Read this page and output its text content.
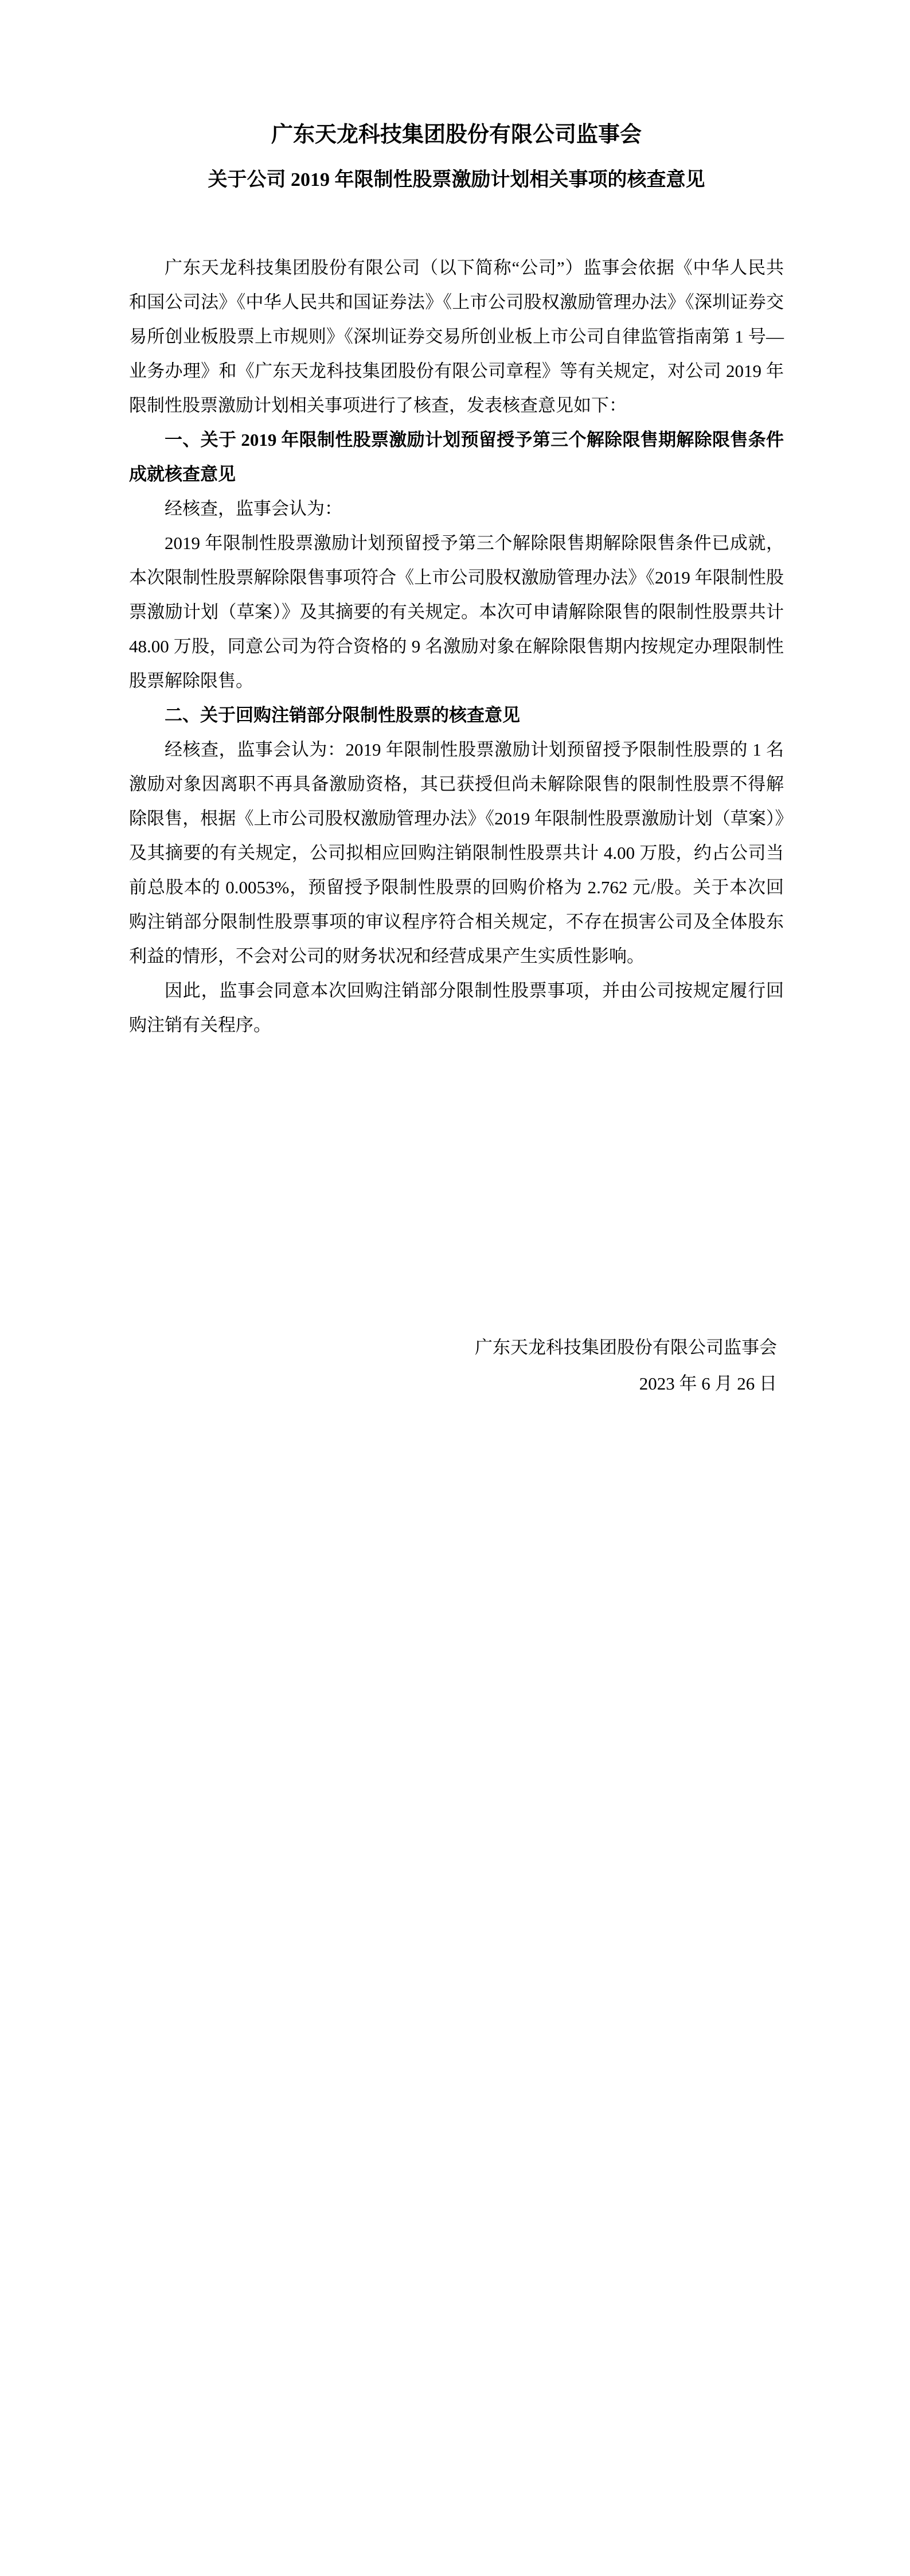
广东天龙科技集团股份有限公司监事会
关于公司 2019 年限制性股票激励计划相关事项的核查意见

广东天龙科技集团股份有限公司（以下简称“公司”）监事会依据《中华人民共和国公司法》《中华人民共和国证券法》《上市公司股权激励管理办法》《深圳证券交易所创业板股票上市规则》《深圳证券交易所创业板上市公司自律监管指南第 1 号—业务办理》和《广东天龙科技集团股份有限公司章程》等有关规定，对公司 2019 年限制性股票激励计划相关事项进行了核查，发表核查意见如下：

一、关于 2019 年限制性股票激励计划预留授予第三个解除限售期解除限售条件成就核查意见

经核查，监事会认为：

2019 年限制性股票激励计划预留授予第三个解除限售期解除限售条件已成就，本次限制性股票解除限售事项符合《上市公司股权激励管理办法》《2019 年限制性股票激励计划（草案）》及其摘要的有关规定。本次可申请解除限售的限制性股票共计 48.00 万股，同意公司为符合资格的 9 名激励对象在解除限售期内按规定办理限制性股票解除限售。

二、关于回购注销部分限制性股票的核查意见

经核查，监事会认为：2019 年限制性股票激励计划预留授予限制性股票的 1 名激励对象因离职不再具备激励资格，其已获授但尚未解除限售的限制性股票不得解除限售，根据《上市公司股权激励管理办法》《2019 年限制性股票激励计划（草案）》及其摘要的有关规定，公司拟相应回购注销限制性股票共计 4.00 万股，约占公司当前总股本的 0.0053%，预留授予限制性股票的回购价格为 2.762 元/股。关于本次回购注销部分限制性股票事项的审议程序符合相关规定，不存在损害公司及全体股东利益的情形，不会对公司的财务状况和经营成果产生实质性影响。

因此，监事会同意本次回购注销部分限制性股票事项，并由公司按规定履行回购注销有关程序。

广东天龙科技集团股份有限公司监事会

2023 年 6 月 26 日
